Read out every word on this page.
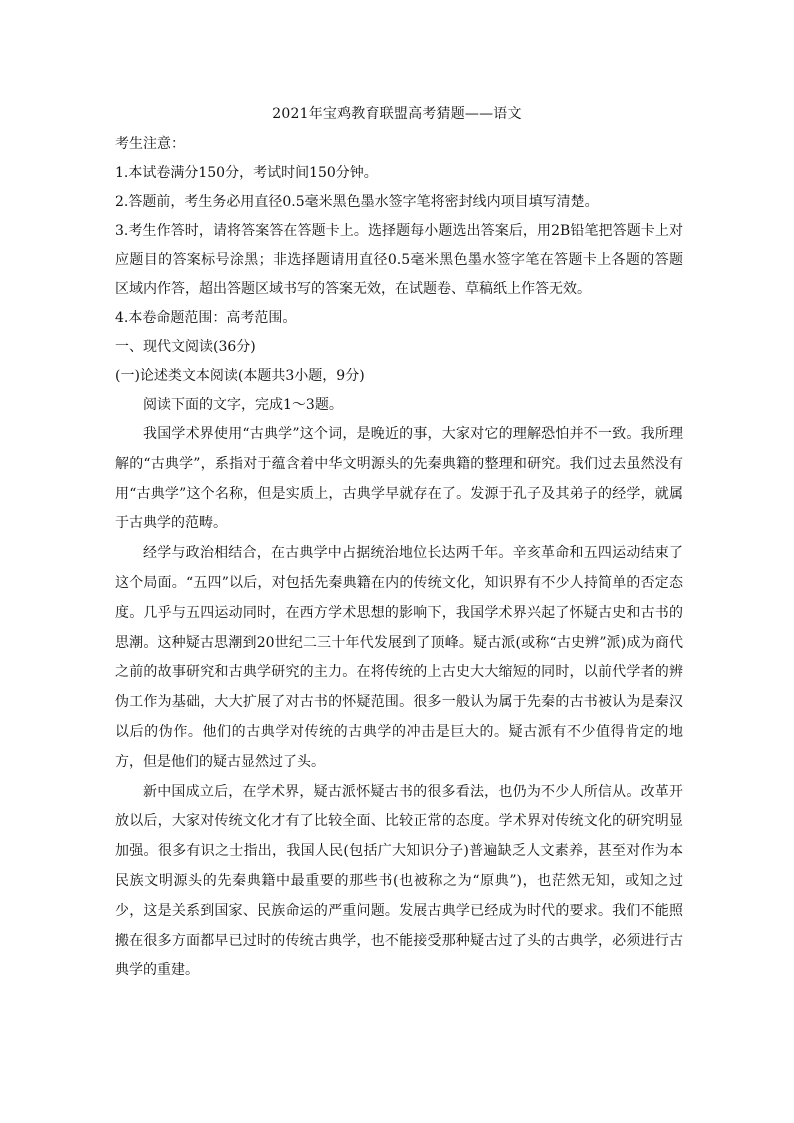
2021年宝鸡教育联盟高考猜题——语文

考生注意：

1.本试卷满分150分，考试时间150分钟。

2.答题前，考生务必用直径0.5毫米黑色墨水签字笔将密封线内项目填写清楚。

3.考生作答时，请将答案答在答题卡上。选择题每小题选出答案后，用2B铅笔把答题卡上对应题目的答案标号涂黑；非选择题请用直径0.5毫米黑色墨水签字笔在答题卡上各题的答题区域内作答，超出答题区域书写的答案无效，在试题卷、草稿纸上作答无效。

4.本卷命题范围：高考范围。

一、现代文阅读(36分)

(一)论述类文本阅读(本题共3小题，9分)

阅读下面的文字，完成1～3题。

我国学术界使用“古典学”这个词，是晚近的事，大家对它的理解恐怕并不一致。我所理解的“古典学”，系指对于蕴含着中华文明源头的先秦典籍的整理和研究。我们过去虽然没有用“古典学”这个名称，但是实质上，古典学早就存在了。发源于孔子及其弟子的经学，就属于古典学的范畴。

经学与政治相结合，在古典学中占据统治地位长达两千年。辛亥革命和五四运动结束了这个局面。“五四”以后，对包括先秦典籍在内的传统文化，知识界有不少人持简单的否定态度。几乎与五四运动同时，在西方学术思想的影响下，我国学术界兴起了怀疑古史和古书的思潮。这种疑古思潮到20世纪二三十年代发展到了顶峰。疑古派(或称“古史辨”派)成为商代之前的故事研究和古典学研究的主力。在将传统的上古史大大缩短的同时，以前代学者的辨伪工作为基础，大大扩展了对古书的怀疑范围。很多一般认为属于先秦的古书被认为是秦汉以后的伪作。他们的古典学对传统的古典学的冲击是巨大的。疑古派有不少值得肯定的地方，但是他们的疑古显然过了头。

新中国成立后，在学术界，疑古派怀疑古书的很多看法，也仍为不少人所信从。改革开放以后，大家对传统文化才有了比较全面、比较正常的态度。学术界对传统文化的研究明显加强。很多有识之士指出，我国人民(包括广大知识分子)普遍缺乏人文素养，甚至对作为本民族文明源头的先秦典籍中最重要的那些书(也被称之为“原典”)，也茫然无知，或知之过少，这是关系到国家、民族命运的严重问题。发展古典学已经成为时代的要求。我们不能照搬在很多方面都早已过时的传统古典学，也不能接受那种疑古过了头的古典学，必须进行古典学的重建。
